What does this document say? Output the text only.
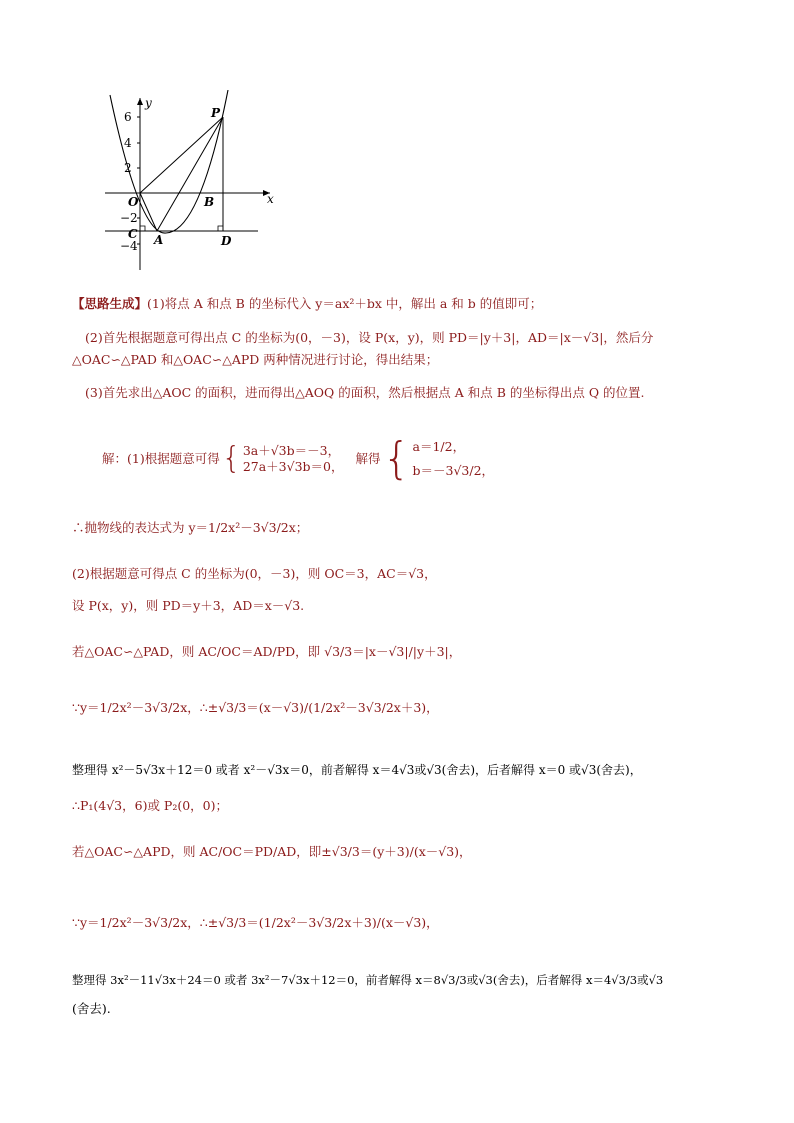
y
x
O
6
4
2
−2
−4
P
B
C A	D
【思路生成】(1)将点 A 和点 B 的坐标代入 y＝ax²＋bx 中，解出 a 和 b 的值即可；
(2)首先根据题意可得出点 C 的坐标为(0，－3)，设 P(x，y)，则 PD＝|y＋3|，AD＝|x－√3|，然后分
△OAC∽△PAD 和△OAC∽△APD 两种情况进行讨论，得出结果；
(3)首先求出△AOC 的面积，进而得出△AOQ 的面积，然后根据点 A 和点 B 的坐标得出点 Q 的位置.
解：(1)根据题意可得 { 3a＋√3b＝－3，
27a＋3√3b＝0，
解得 { a＝1/2，
b＝－3√3/2，
∴抛物线的表达式为 y＝1/2x²－3√3/2x；
(2)根据题意可得点 C 的坐标为(0，－3)，则 OC＝3，AC＝√3，
设 P(x，y)，则 PD＝y＋3，AD＝x－√3.
若△OAC∽△PAD，则 AC/OC＝AD/PD，即 √3/3＝|x－√3|/|y＋3|，
∵y＝1/2x²－3√3/2x，∴±√3/3＝(x－√3)/(1/2x²－3√3/2x＋3)，
整理得 x²－5√3x＋12＝0 或者 x²－√3x＝0，前者解得 x＝4√3或√3(舍去)，后者解得 x＝0 或√3(舍去)，
∴P₁(4√3，6)或 P₂(0，0)；
若△OAC∽△APD，则 AC/OC＝PD/AD，即±√3/3＝(y＋3)/(x－√3)，
∵y＝1/2x²－3√3/2x，∴±√3/3＝(1/2x²－3√3/2x＋3)/(x－√3)，
整理得 3x²－11√3x＋24＝0 或者 3x²－7√3x＋12＝0，前者解得 x＝8√3/3或√3(舍去)，后者解得 x＝4√3/3或√3
(舍去).
